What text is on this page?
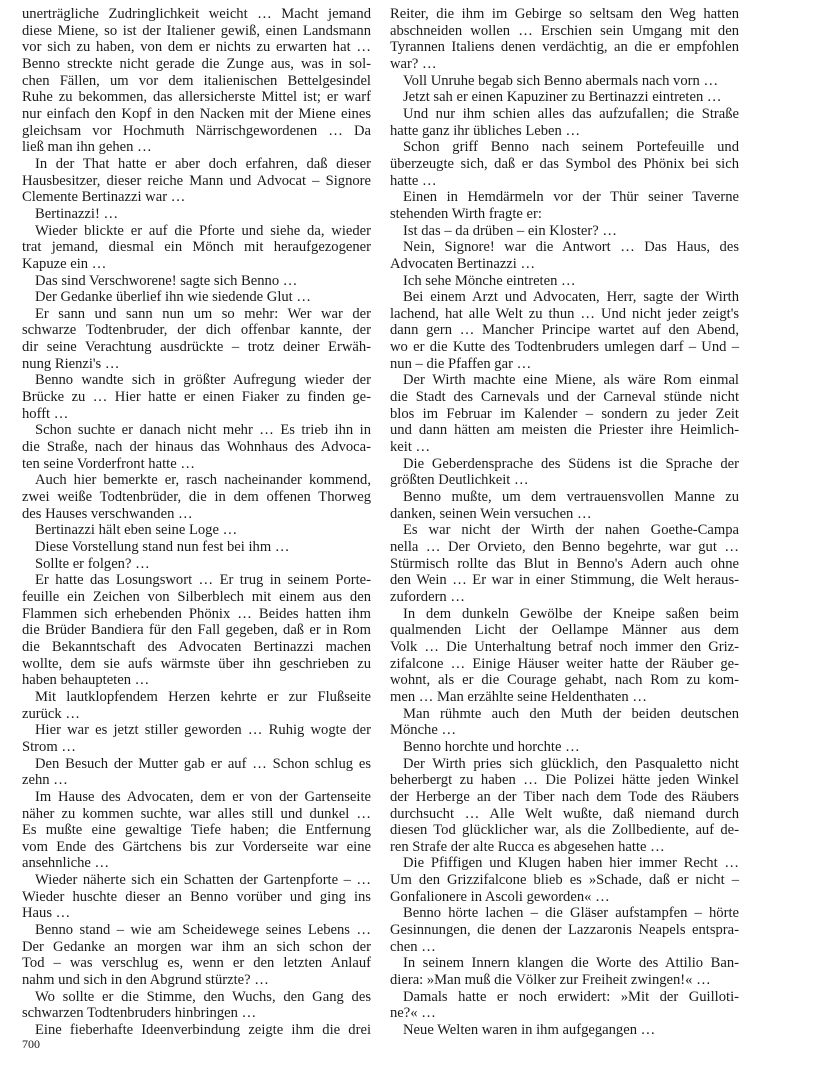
unerträgliche Zudringlichkeit weicht … Macht jemand
diese Miene, so ist der Italiener gewiß, einen Landsmann
vor sich zu haben, von dem er nichts zu erwarten hat …
Benno streckte nicht gerade die Zunge aus, was in sol-
chen Fällen, um vor dem italienischen Bettelgesindel
Ruhe zu bekommen, das allersicherste Mittel ist; er warf
nur einfach den Kopf in den Nacken mit der Miene eines
gleichsam vor Hochmuth Närrischgewordenen … Da
ließ man ihn gehen …
In der That hatte er aber doch erfahren, daß dieser
Hausbesitzer, dieser reiche Mann und Advocat – Signore
Clemente Bertinazzi war …
Bertinazzi! …
Wieder blickte er auf die Pforte und siehe da, wieder
trat jemand, diesmal ein Mönch mit heraufgezogener
Kapuze ein …
Das sind Verschworene! sagte sich Benno …
Der Gedanke überlief ihn wie siedende Glut …
Er sann und sann nun um so mehr: Wer war der
schwarze Todtenbruder, der dich offenbar kannte, der
dir seine Verachtung ausdrückte – trotz deiner Erwäh-
nung Rienzi's …
Benno wandte sich in größter Aufregung wieder der
Brücke zu … Hier hatte er einen Fiaker zu finden ge-
hofft …
Schon suchte er danach nicht mehr … Es trieb ihn in
die Straße, nach der hinaus das Wohnhaus des Advoca-
ten seine Vorderfront hatte …
Auch hier bemerkte er, rasch nacheinander kommend,
zwei weiße Todtenbrüder, die in dem offenen Thorweg
des Hauses verschwanden …
Bertinazzi hält eben seine Loge …
Diese Vorstellung stand nun fest bei ihm …
Sollte er folgen? …
Er hatte das Losungswort … Er trug in seinem Porte-
feuille ein Zeichen von Silberblech mit einem aus den
Flammen sich erhebenden Phönix … Beides hatten ihm
die Brüder Bandiera für den Fall gegeben, daß er in Rom
die Bekanntschaft des Advocaten Bertinazzi machen
wollte, dem sie aufs wärmste über ihn geschrieben zu
haben behaupteten …
Mit lautklopfendem Herzen kehrte er zur Flußseite
zurück …
Hier war es jetzt stiller geworden … Ruhig wogte der
Strom …
Den Besuch der Mutter gab er auf … Schon schlug es
zehn …
Im Hause des Advocaten, dem er von der Gartenseite
näher zu kommen suchte, war alles still und dunkel …
Es mußte eine gewaltige Tiefe haben; die Entfernung
vom Ende des Gärtchens bis zur Vorderseite war eine
ansehnliche …
Wieder näherte sich ein Schatten der Gartenpforte – …
Wieder huschte dieser an Benno vorüber und ging ins
Haus …
Benno stand – wie am Scheidewege seines Lebens …
Der Gedanke an morgen war ihm an sich schon der
Tod – was verschlug es, wenn er den letzten Anlauf
nahm und sich in den Abgrund stürzte? …
Wo sollte er die Stimme, den Wuchs, den Gang des
schwarzen Todtenbruders hinbringen …
Eine fieberhafte Ideenverbindung zeigte ihm die drei
Reiter, die ihm im Gebirge so seltsam den Weg hatten
abschneiden wollen … Erschien sein Umgang mit den
Tyrannen Italiens denen verdächtig, an die er empfohlen
war? …
Voll Unruhe begab sich Benno abermals nach vorn …
Jetzt sah er einen Kapuziner zu Bertinazzi eintreten …
Und nur ihm schien alles das aufzufallen; die Straße
hatte ganz ihr übliches Leben …
Schon griff Benno nach seinem Portefeuille und
überzeugte sich, daß er das Symbol des Phönix bei sich
hatte …
Einen in Hemdärmeln vor der Thür seiner Taverne
stehenden Wirth fragte er:
Ist das – da drüben – ein Kloster? …
Nein, Signore! war die Antwort … Das Haus, des
Advocaten Bertinazzi …
Ich sehe Mönche eintreten …
Bei einem Arzt und Advocaten, Herr, sagte der Wirth
lachend, hat alle Welt zu thun … Und nicht jeder zeigt's
dann gern … Mancher Principe wartet auf den Abend,
wo er die Kutte des Todtenbruders umlegen darf – Und –
nun – die Pfaffen gar …
Der Wirth machte eine Miene, als wäre Rom einmal
die Stadt des Carnevals und der Carneval stünde nicht
blos im Februar im Kalender – sondern zu jeder Zeit
und dann hätten am meisten die Priester ihre Heimlich-
keit …
Die Geberdensprache des Südens ist die Sprache der
größten Deutlichkeit …
Benno mußte, um dem vertrauensvollen Manne zu
danken, seinen Wein versuchen …
Es war nicht der Wirth der nahen Goethe-Campa
nella … Der Orvieto, den Benno begehrte, war gut …
Stürmisch rollte das Blut in Benno's Adern auch ohne
den Wein … Er war in einer Stimmung, die Welt heraus-
zufordern …
In dem dunkeln Gewölbe der Kneipe saßen beim
qualmenden Licht der Oellampe Männer aus dem
Volk … Die Unterhaltung betraf noch immer den Griz-
zifalcone … Einige Häuser weiter hatte der Räuber ge-
wohnt, als er die Courage gehabt, nach Rom zu kom-
men … Man erzählte seine Heldenthaten …
Man rühmte auch den Muth der beiden deutschen
Mönche …
Benno horchte und horchte …
Der Wirth pries sich glücklich, den Pasqualetto nicht
beherbergt zu haben … Die Polizei hätte jeden Winkel
der Herberge an der Tiber nach dem Tode des Räubers
durchsucht … Alle Welt wußte, daß niemand durch
diesen Tod glücklicher war, als die Zollbediente, auf de-
ren Strafe der alte Rucca es abgesehen hatte …
Die Pfiffigen und Klugen haben hier immer Recht …
Um den Grizzifalcone blieb es »Schade, daß er nicht –
Gonfalionere in Ascoli geworden« …
Benno hörte lachen – die Gläser aufstampfen – hörte
Gesinnungen, die denen der Lazzaronis Neapels entspra-
chen …
In seinem Innern klangen die Worte des Attilio Ban-
diera: »Man muß die Völker zur Freiheit zwingen!« …
Damals hatte er noch erwidert: »Mit der Guilloti-
ne?« …
Neue Welten waren in ihm aufgegangen …
700
